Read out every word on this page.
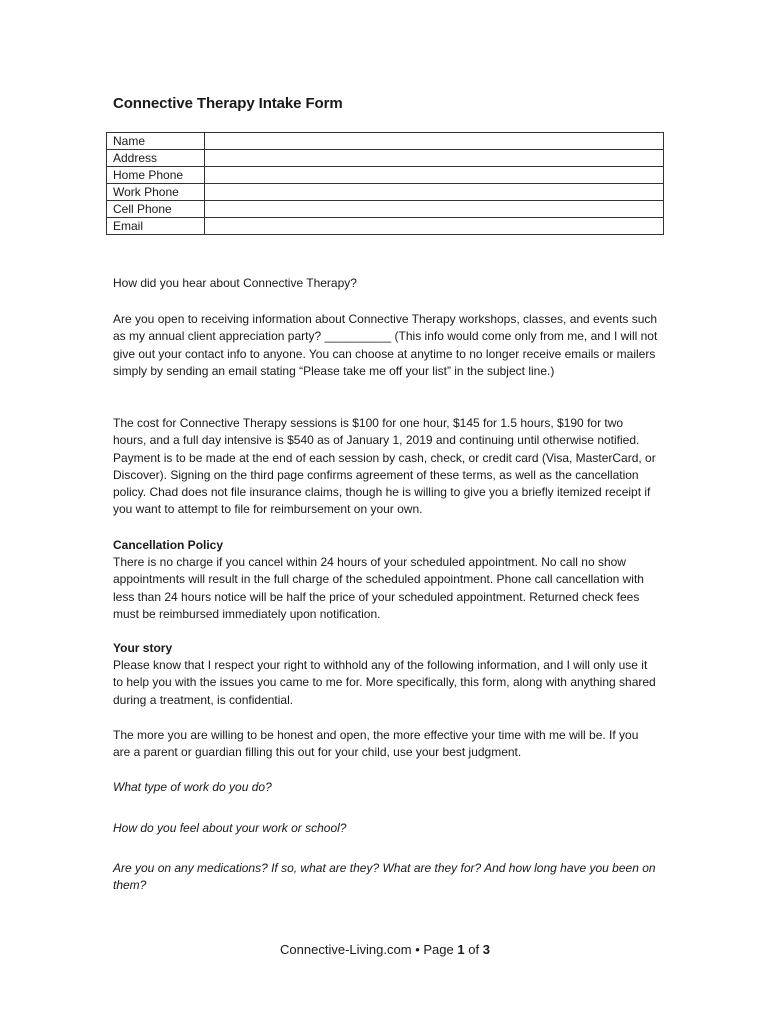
Connective Therapy Intake Form
Name	
Address	
Home Phone	
Work Phone	
Cell Phone	
Email	
How did you hear about Connective Therapy?
Are you open to receiving information about Connective Therapy workshops, classes, and events such as my annual client appreciation party? __________ (This info would come only from me, and I will not give out your contact info to anyone. You can choose at anytime to no longer receive emails or mailers simply by sending an email stating “Please take me off your list” in the subject line.)
The cost for Connective Therapy sessions is $100 for one hour, $145 for 1.5 hours, $190 for two hours, and a full day intensive is $540 as of January 1, 2019 and continuing until otherwise notified. Payment is to be made at the end of each session by cash, check, or credit card (Visa, MasterCard, or Discover). Signing on the third page confirms agreement of these terms, as well as the cancellation policy. Chad does not file insurance claims, though he is willing to give you a briefly itemized receipt if you want to attempt to file for reimbursement on your own.
Cancellation Policy
There is no charge if you cancel within 24 hours of your scheduled appointment. No call no show appointments will result in the full charge of the scheduled appointment. Phone call cancellation with less than 24 hours notice will be half the price of your scheduled appointment. Returned check fees must be reimbursed immediately upon notification.
Your story
Please know that I respect your right to withhold any of the following information, and I will only use it to help you with the issues you came to me for. More specifically, this form, along with anything shared during a treatment, is confidential.
The more you are willing to be honest and open, the more effective your time with me will be. If you are a parent or guardian filling this out for your child, use your best judgment.
What type of work do you do?
How do you feel about your work or school?
Are you on any medications? If so, what are they? What are they for? And how long have you been on them?
Connective-Living.com • Page 1 of 3
